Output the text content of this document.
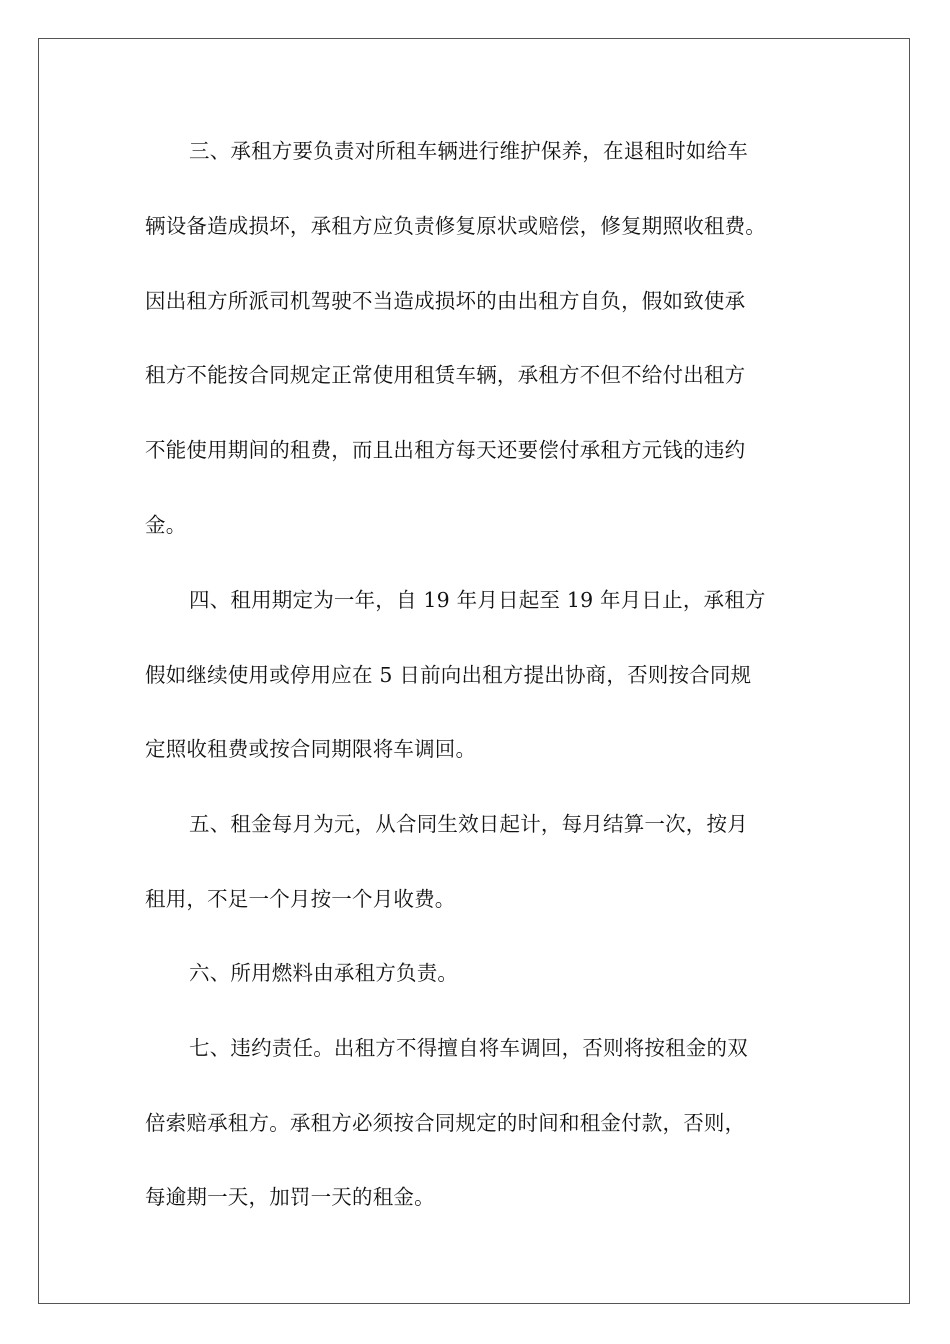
三、承租方要负责对所租车辆进行维护保养，在退租时如给车
辆设备造成损坏，承租方应负责修复原状或赔偿，修复期照收租费。
因出租方所派司机驾驶不当造成损坏的由出租方自负，假如致使承
租方不能按合同规定正常使用租赁车辆，承租方不但不给付出租方
不能使用期间的租费，而且出租方每天还要偿付承租方元钱的违约
金。
四、租用期定为一年，自 19 年月日起至 19 年月日止，承租方
假如继续使用或停用应在 5 日前向出租方提出协商，否则按合同规
定照收租费或按合同期限将车调回。
五、租金每月为元，从合同生效日起计，每月结算一次，按月
租用，不足一个月按一个月收费。
六、所用燃料由承租方负责。
七、违约责任。出租方不得擅自将车调回，否则将按租金的双
倍索赔承租方。承租方必须按合同规定的时间和租金付款，否则，
每逾期一天，加罚一天的租金。
